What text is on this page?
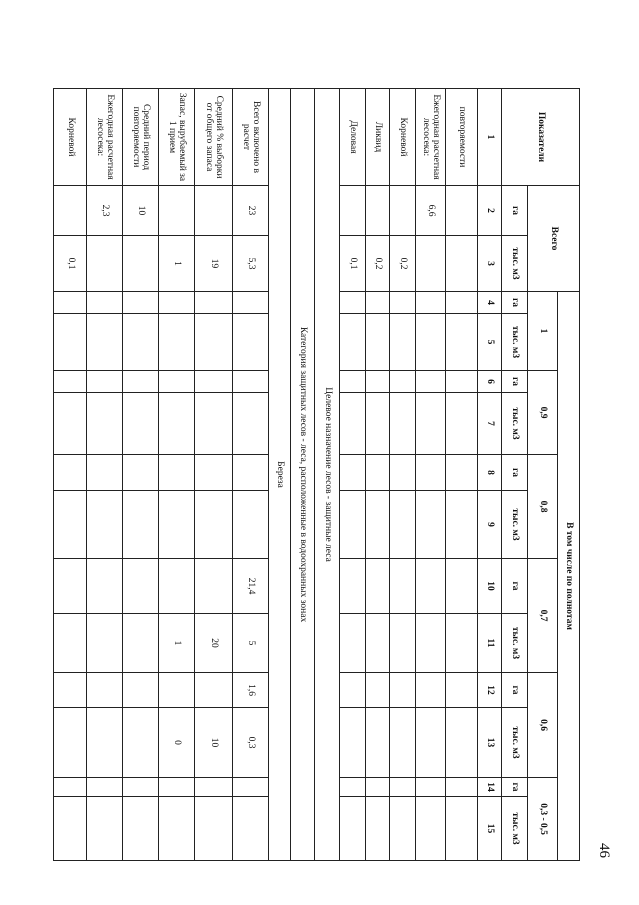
46
Показатели	Всего		В том числе по полнотам											
			1		0,9		0,8		0,7		0,6		0,3 - 0,5	
	га	тыс. м3	га	тыс. м3	га	тыс. м3	га	тыс. м3	га	тыс. м3	га	тыс. м3	га	тыс. м3
1	2	3	4	5	6	7	8	9	10	11	12	13	14	15
повторяемости														
Ежегодная расчетная лесосека:	6,6													
Корневой		0,2												
Ликвид		0,2												
Деловая		0,1												
Целевое назначение лесов - защитные леса														
Категория защитных лесов - леса, расположенные в водоохранных зонах														
Береза														
Всего включено в расчет	23	5,3							21,4	5	1,6	0,3		
Средний % выборки от общего запаса		19								20		10		
Запас, вырубаемый за 1 прием		1								1		0		
Средний период повторяемости	10													
Ежегодная расчетная лесосека:	2,3													
Корневой		0,1												
